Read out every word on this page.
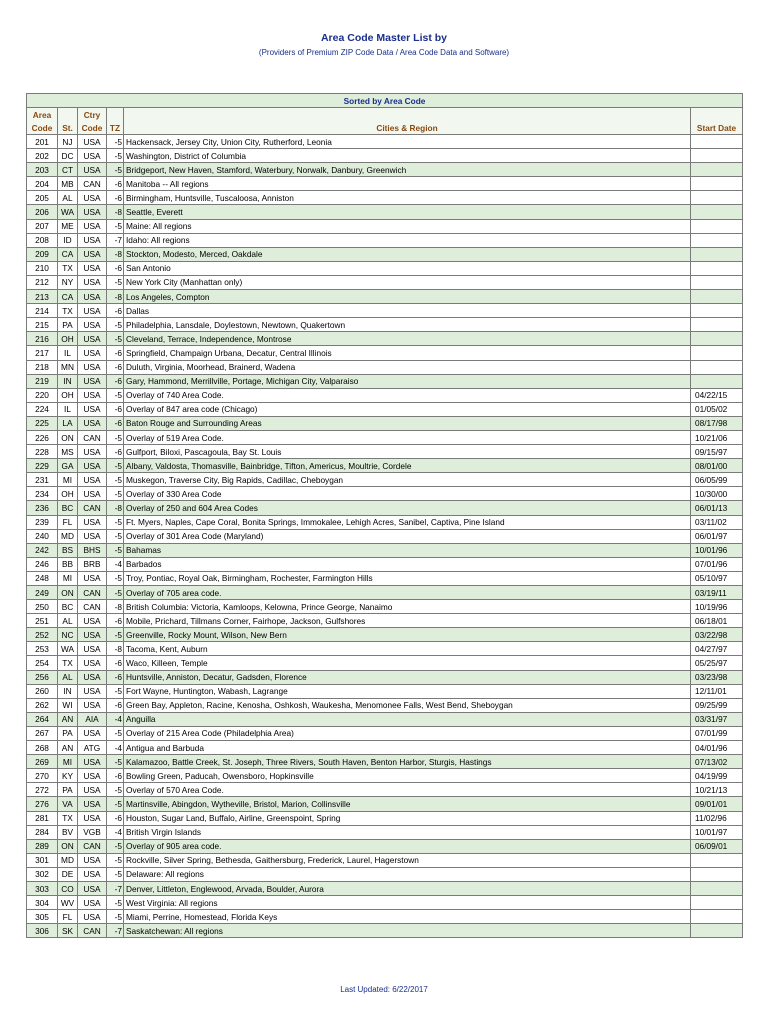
Area Code Master List by
(Providers of Premium ZIP Code Data / Area Code Data and Software)
Sorted by Area Code					
Area		Ctry			
Code	St.	Code	TZ	Cities & Region	Start Date
201	NJ	USA	-5	Hackensack, Jersey City, Union City, Rutherford, Leonia	
202	DC	USA	-5	Washington, District of Columbia	
203	CT	USA	-5	Bridgeport, New Haven, Stamford, Waterbury, Norwalk, Danbury, Greenwich	
204	MB	CAN	-6	Manitoba -- All regions	
205	AL	USA	-6	Birmingham, Huntsville, Tuscaloosa, Anniston	
206	WA	USA	-8	Seattle, Everett	
207	ME	USA	-5	Maine: All regions	
208	ID	USA	-7	Idaho: All regions	
209	CA	USA	-8	Stockton, Modesto, Merced, Oakdale	
210	TX	USA	-6	San Antonio	
212	NY	USA	-5	New York City (Manhattan only)	
213	CA	USA	-8	Los Angeles, Compton	
214	TX	USA	-6	Dallas	
215	PA	USA	-5	Philadelphia, Lansdale, Doylestown, Newtown, Quakertown	
216	OH	USA	-5	Cleveland, Terrace, Independence, Montrose	
217	IL	USA	-6	Springfield, Champaign Urbana, Decatur, Central Illinois	
218	MN	USA	-6	Duluth, Virginia, Moorhead, Brainerd, Wadena	
219	IN	USA	-6	Gary, Hammond, Merrillville, Portage, Michigan City, Valparaiso	
220	OH	USA	-5	Overlay of 740 Area Code.	04/22/15
224	IL	USA	-6	Overlay of 847 area code (Chicago)	01/05/02
225	LA	USA	-6	Baton Rouge and Surrounding Areas	08/17/98
226	ON	CAN	-5	Overlay of 519 Area Code.	10/21/06
228	MS	USA	-6	Gulfport, Biloxi, Pascagoula, Bay St. Louis	09/15/97
229	GA	USA	-5	Albany, Valdosta, Thomasville, Bainbridge, Tifton, Americus, Moultrie, Cordele	08/01/00
231	MI	USA	-5	Muskegon, Traverse City, Big Rapids, Cadillac, Cheboygan	06/05/99
234	OH	USA	-5	Overlay of 330 Area Code	10/30/00
236	BC	CAN	-8	Overlay of 250 and 604 Area Codes	06/01/13
239	FL	USA	-5	Ft. Myers, Naples, Cape Coral, Bonita Springs, Immokalee, Lehigh Acres, Sanibel, Captiva, Pine Island	03/11/02
240	MD	USA	-5	Overlay of 301 Area Code (Maryland)	06/01/97
242	BS	BHS	-5	Bahamas	10/01/96
246	BB	BRB	-4	Barbados	07/01/96
248	MI	USA	-5	Troy, Pontiac, Royal Oak, Birmingham, Rochester, Farmington Hills	05/10/97
249	ON	CAN	-5	Overlay of 705 area code.	03/19/11
250	BC	CAN	-8	British Columbia: Victoria, Kamloops, Kelowna, Prince George, Nanaimo	10/19/96
251	AL	USA	-6	Mobile, Prichard, Tillmans Corner, Fairhope, Jackson, Gulfshores	06/18/01
252	NC	USA	-5	Greenville, Rocky Mount, Wilson, New Bern	03/22/98
253	WA	USA	-8	Tacoma, Kent, Auburn	04/27/97
254	TX	USA	-6	Waco, Killeen, Temple	05/25/97
256	AL	USA	-6	Huntsville, Anniston, Decatur, Gadsden, Florence	03/23/98
260	IN	USA	-5	Fort Wayne, Huntington, Wabash, Lagrange	12/11/01
262	WI	USA	-6	Green Bay, Appleton, Racine, Kenosha, Oshkosh, Waukesha, Menomonee Falls, West Bend, Sheboygan	09/25/99
264	AN	AIA	-4	Anguilla	03/31/97
267	PA	USA	-5	Overlay of 215 Area Code (Philadelphia Area)	07/01/99
268	AN	ATG	-4	Antigua and Barbuda	04/01/96
269	MI	USA	-5	Kalamazoo, Battle Creek, St. Joseph, Three Rivers, South Haven, Benton Harbor, Sturgis, Hastings	07/13/02
270	KY	USA	-6	Bowling Green, Paducah, Owensboro, Hopkinsville	04/19/99
272	PA	USA	-5	Overlay of 570 Area Code.	10/21/13
276	VA	USA	-5	Martinsville, Abingdon, Wytheville, Bristol, Marion, Collinsville	09/01/01
281	TX	USA	-6	Houston, Sugar Land, Buffalo, Airline, Greenspoint, Spring	11/02/96
284	BV	VGB	-4	British Virgin Islands	10/01/97
289	ON	CAN	-5	Overlay of 905 area code.	06/09/01
301	MD	USA	-5	Rockville, Silver Spring, Bethesda, Gaithersburg, Frederick, Laurel, Hagerstown	
302	DE	USA	-5	Delaware: All regions	
303	CO	USA	-7	Denver, Littleton, Englewood, Arvada, Boulder, Aurora	
304	WV	USA	-5	West Virginia: All regions	
305	FL	USA	-5	Miami, Perrine, Homestead, Florida Keys	
306	SK	CAN	-7	Saskatchewan: All regions	
Last Updated: 6/22/2017
